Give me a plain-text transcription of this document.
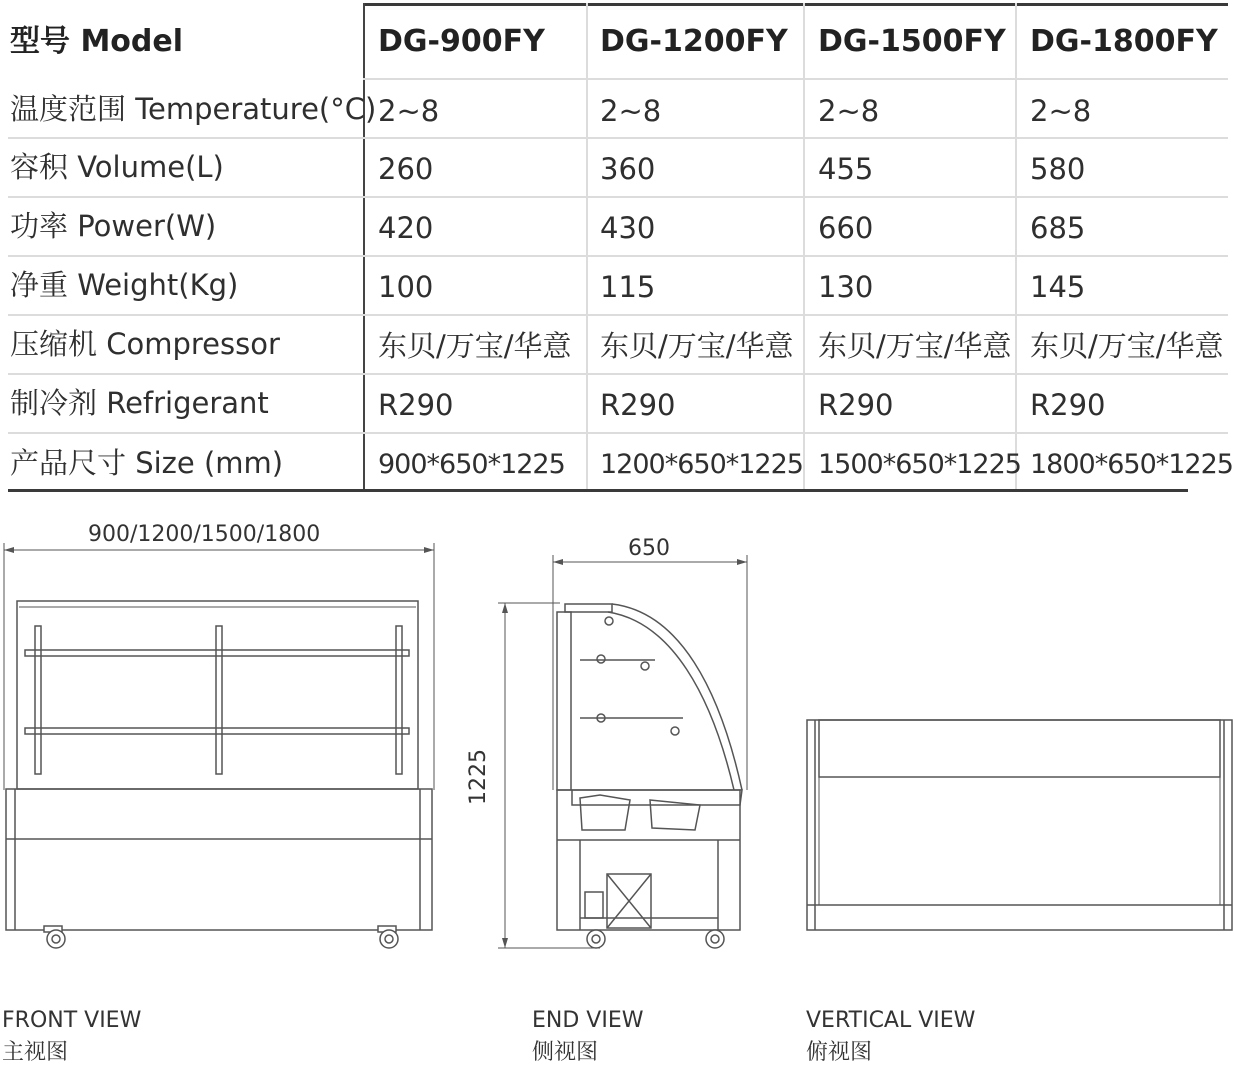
型号 Model	DG-900FY DG-1200FY DG-1500FY DG-1800FY
温度范围 Temperature(°C) 2~8	2~8	2~8	2~8
容积 Volume(L)	260	360	455	580
功率 Power(W)	420	430	660	685
净重 Weight(Kg)	100	115	130	145
压缩机 Compressor	东贝/万宝/华意 东贝/万宝/华意 东贝/万宝/华意 东贝/万宝/华意
制冷剂 Refrigerant	R290	R290	R290	R290
产品尺寸 Size (mm)	900*650*1225 1200*650*1225 1500*650*1225 1800*650*1225
900/1200/1500/1800
650
1225
FRONT VIEW
主视图
END VIEW
侧视图
VERTICAL VIEW
俯视图
